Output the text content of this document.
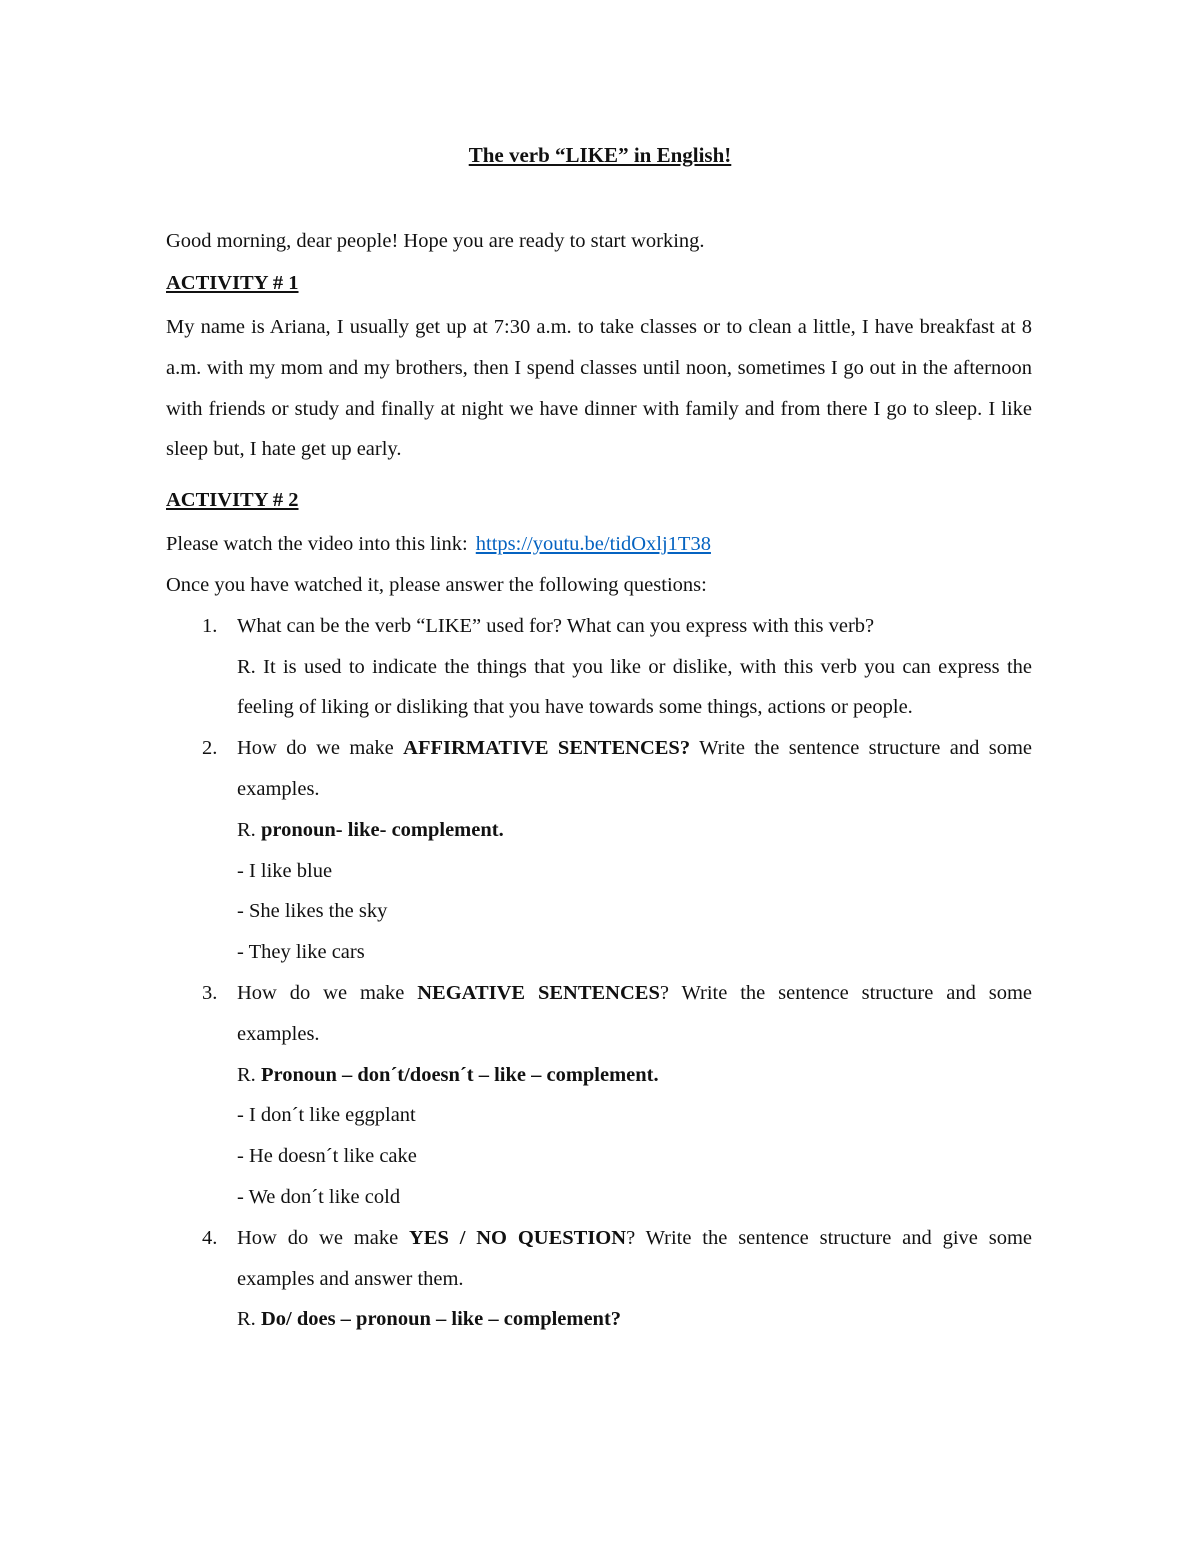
The verb “LIKE” in English!

Good morning, dear people! Hope you are ready to start working.

ACTIVITY # 1

My name is Ariana, I usually get up at 7:30 a.m. to take classes or to clean a little, I have breakfast at 8 a.m. with my mom and my brothers, then I spend classes until noon, sometimes I go out in the afternoon with friends or study and finally at night we have dinner with family and from there I go to sleep. I like sleep but, I hate get up early.

ACTIVITY # 2

Please watch the video into this link: https://youtu.be/tidOxlj1T38

Once you have watched it, please answer the following questions:

1. What can be the verb “LIKE” used for? What can you express with this verb?

R. It is used to indicate the things that you like or dislike, with this verb you can express the feeling of liking or disliking that you have towards some things, actions or people.

2. How do we make AFFIRMATIVE SENTENCES? Write the sentence structure and some examples.

R. pronoun- like- complement.

- I like blue

- She likes the sky

- They like cars

3. How do we make NEGATIVE SENTENCES? Write the sentence structure and some examples.

R. Pronoun – don´t/doesn´t – like – complement.

- I don´t like eggplant

- He doesn´t like cake

- We don´t like cold

4. How do we make YES / NO QUESTION? Write the sentence structure and give some examples and answer them.

R. Do/ does – pronoun – like – complement?
